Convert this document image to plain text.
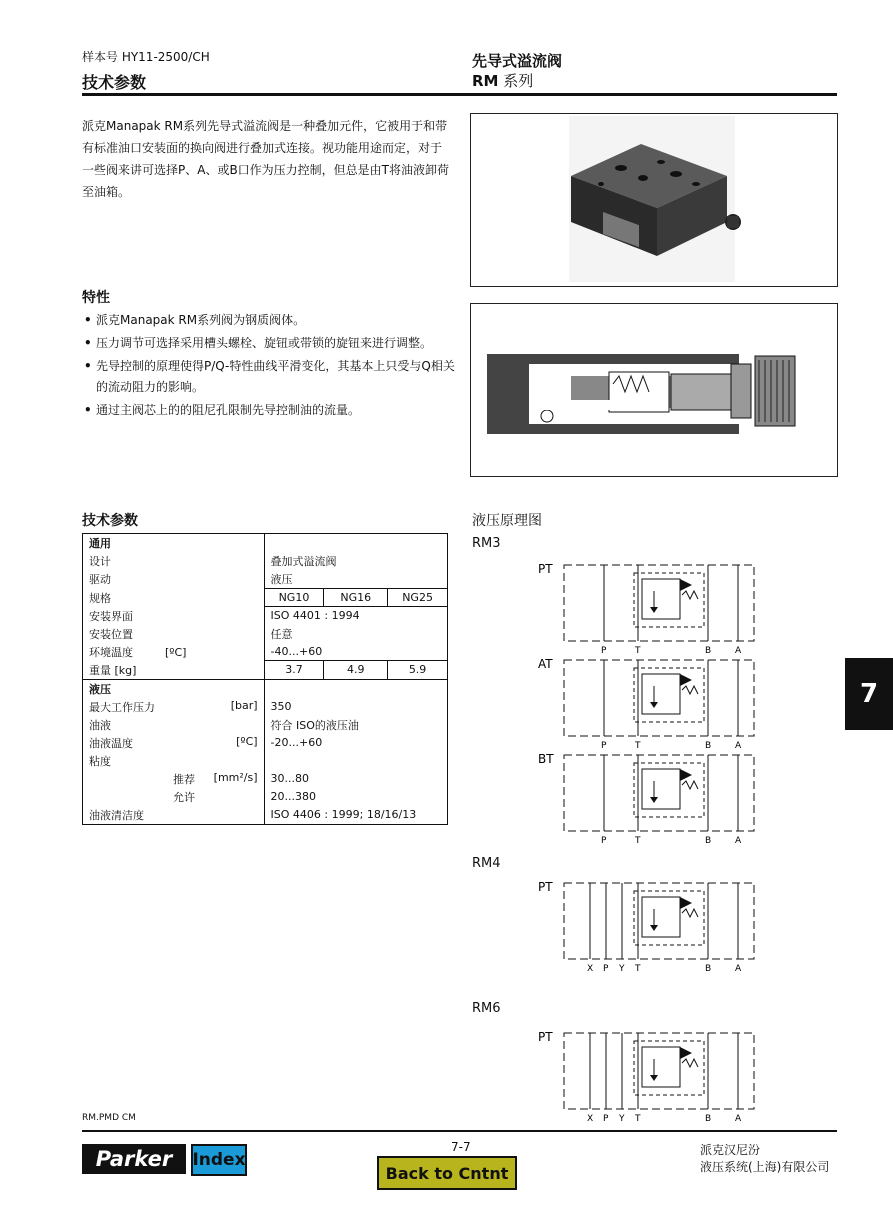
样本号 HY11-2500/CH
技术参数
先导式溢流阀
RM 系列
派克Manapak RM系列先导式溢流阀是一种叠加元件，它被用于和带有标准油口安装面的换向阀进行叠加式连接。视功能用途而定，对于一些阀来讲可选择P、A、或B口作为压力控制，但总是由T将油液卸荷至油箱。
特性
• 派克Manapak RM系列阀为钢质阀体。
• 压力调节可选择采用槽头螺栓、旋钮或带锁的旋钮来进行调整。
• 先导控制的原理使得P/Q-特性曲线平滑变化，其基本上只受与Q相关的流动阻力的影响。
• 通过主阀芯上的的阻尼孔限制先导控制油的流量。
技术参数
通用			
设计	叠加式溢流阀		
驱动	液压		
规格	NG10	NG16	NG25
安装界面	ISO 4401 : 1994		
安装位置	任意		
环境温度 [ºC]	-40...+60		
重量 [kg]	3.7	4.9	5.9
液压			
最大工作压力 [bar]	350		
油液	符合 ISO的液压油		
油液温度 [ºC]	-20...+60		
粘度			
推荐 [mm²/s]	30...80		
允许	20...380		
油液清洁度	ISO 4406 : 1999; 18/16/13		
液压原理图
RM3
RM4
RM6
PT
P	T	B	A
AT
P	T	B	A
BT
P	T	B	A
PT
X P Y T	B	A
PT
X P Y T	B	A
7
RM.PMD CM
Parker	Index
7-7
Back to Cntnt
派克汉尼汾
液压系统(上海)有限公司
